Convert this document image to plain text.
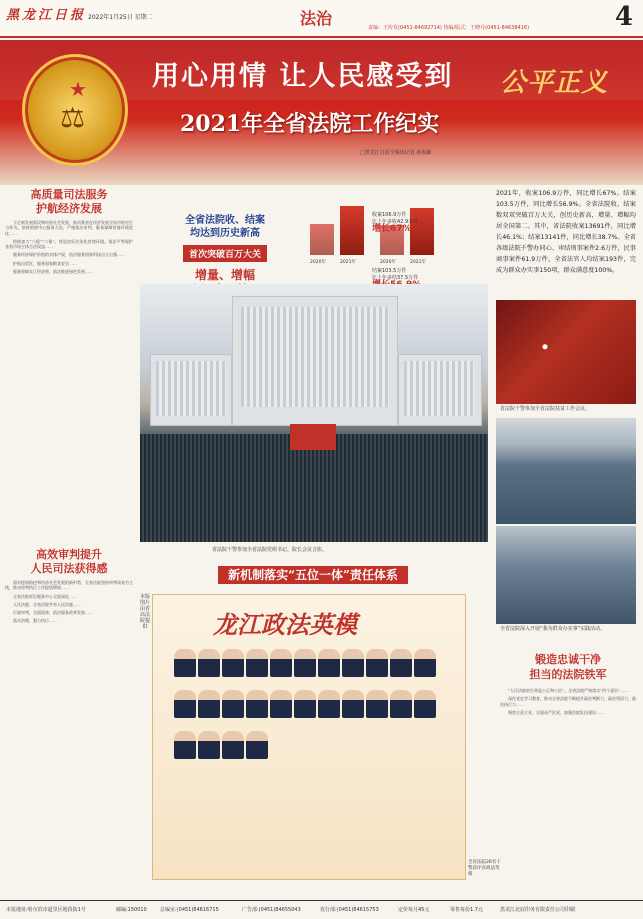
黑龙江日报 2022年1月25日 星期二	法治	责编：王传发(0451-84692714) 热编/版式：王晓丹(0451-84638416)	4
★
⚖
用心用情 让人民感受到 公平正义
2021年全省法院工作纪实
□黑龙江日报全媒体记者 孙海颖
高质量司法服务
护航经济发展

立足新发展阶段和经济社会发展，推动我省在经济发展全局中的定位与作为。坚持围绕中心服务大局，严格依法审判，服务保障营商环境优化……

持续加力“六稳”“六保”，营造良好法治化营商环境。依法平等保护各类市场主体合法权益……

服务经济保护价值的实体产权，依法服务国家科技自立自强……

护航自贸区，服务国家粮食安全……

服务保障长江经济带，依法推进绿色发展……

高效审判提升
人民司法获得感

面对疫情防控和经济社会发展的新形势，全省法院坚持审判质效为主线，推动审判执行工作提质增效……

全省法院诉讼服务中心全面深化……

人民法庭，全省法院共有人民法庭……

行政审判，全面延伸，依法服务改革发展……

落实治理，强力执行……

全省法院收、结案
均达到历史新高
首次突破百万大关
增量、增幅
2020年	2021年	2020年	2021年
收案106.9万件
比上年多收42.9万件
增长67%
结案103.5万件
比上年多结37.5万件
2021年，收案106.9万件，同比增长67%。结案103.5万件，同比增长56.9%。全省法院收、结案数双双突破百万大关，创历史新高，增量、增幅均居全国第二。其中，省法院收案13691件，同比增长46.1%；结案13141件，同比增长38.7%。全省各级法院千警办同心、审结刑事案件2.6万件，民事商事案件61.9万件，全省法官人均结案193件，完成为群众办实事150项，群众满意度100%。
省法院干警参加全省法院党组书记、院长会议合影。
省法院干警参加全省法院扶贫工作会议。
全省法院深入开展“我为群众办实事”实践活动。
新机制落实“五位一体”责任体系
龙江政法英模
本版图片由省高法院提供
全省法院26名干警获评省政法英模
锻造忠诚干净
担当的法院铁军

“人民法院的生命是公正和公信”。全省法院严格落实“四个意识”……

深化党史学习教育，推动全省法院不断提升政治判断力、政治领悟力、政治执行力……

聚焦主责主业，全面从严治党，加强法院队伍建设……

本报地址:哈尔滨市道里区地段街1号	邮编:150010	总编室:(0451)84616715	广告部:(0451)84655043	发行部:(0451)84615753	定价每月45元	零售每份1.7元	黑龙江北辰印务有限责任公司印刷
